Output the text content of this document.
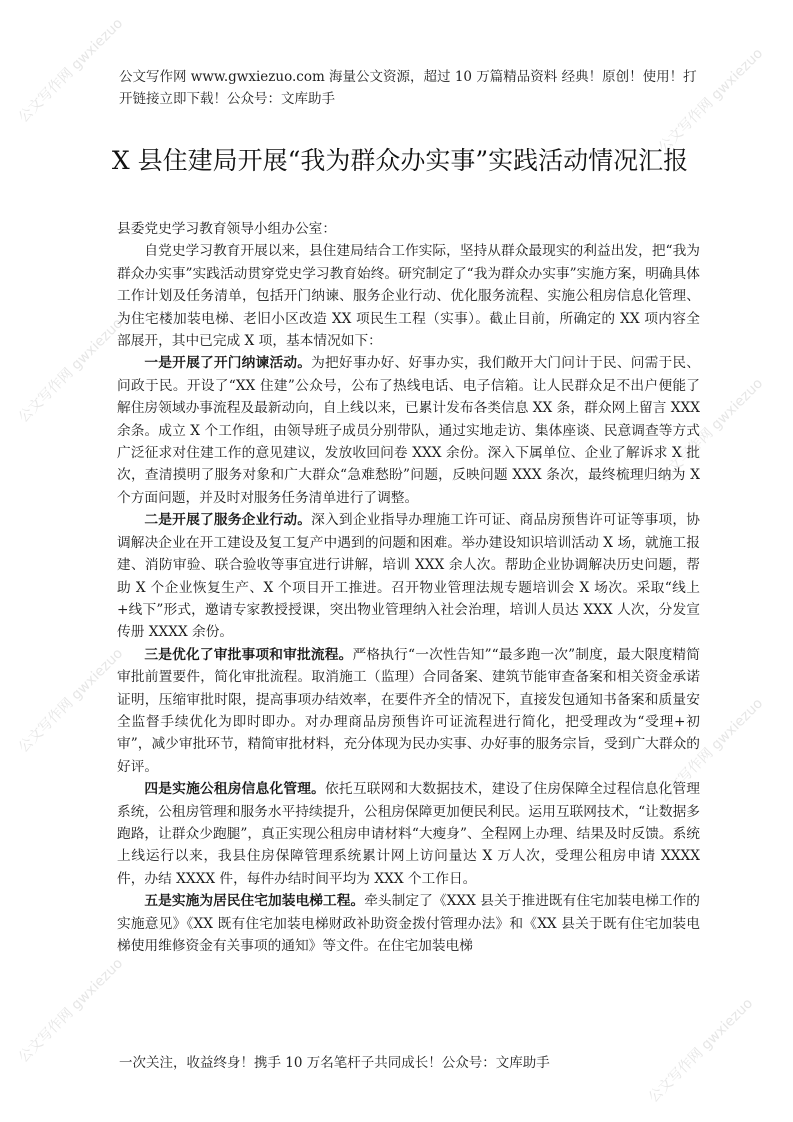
公文写作网 gwxiezuo	公文写作网 gwxiezuo
公文写作网 gwxiezuo
公文写作网 gwxiezuo
公文写作网 gwxiezuo	公文写作网 gwxiezuo
公文写作网 gwxiezuo	公文写作网 gwxiezuo
公文写作网 www.gwxiezuo.com 海量公文资源，超过 10 万篇精品资料 经典！原创！使用！打开链接立即下载！公众号：文库助手
X 县住建局开展“我为群众办实事”实践活动情况汇报

县委党史学习教育领导小组办公室：

自党史学习教育开展以来，县住建局结合工作实际，坚持从群众最现实的利益出发，把“我为群众办实事”实践活动贯穿党史学习教育始终。研究制定了“我为群众办实事”实施方案，明确具体工作计划及任务清单，包括开门纳谏、服务企业行动、优化服务流程、实施公租房信息化管理、为住宅楼加装电梯、老旧小区改造 XX 项民生工程（实事）。截止目前，所确定的 XX 项内容全部展开，其中已完成 X 项，基本情况如下：

一是开展了开门纳谏活动。为把好事办好、好事办实，我们敞开大门问计于民、问需于民、问政于民。开设了“XX 住建”公众号，公布了热线电话、电子信箱。让人民群众足不出户便能了解住房领域办事流程及最新动向，自上线以来，已累计发布各类信息 XX 条，群众网上留言 XXX 余条。成立 X 个工作组，由领导班子成员分别带队，通过实地走访、集体座谈、民意调查等方式广泛征求对住建工作的意见建议，发放收回问卷 XXX 余份。深入下属单位、企业了解诉求 X 批次，查清摸明了服务对象和广大群众“急难愁盼”问题，反映问题 XXX 条次，最终梳理归纳为 X 个方面问题，并及时对服务任务清单进行了调整。

二是开展了服务企业行动。深入到企业指导办理施工许可证、商品房预售许可证等事项，协调解决企业在开工建设及复工复产中遇到的问题和困难。举办建设知识培训活动 X 场，就施工报建、消防审验、联合验收等事宜进行讲解，培训 XXX 余人次。帮助企业协调解决历史问题，帮助 X 个企业恢复生产、X 个项目开工推进。召开物业管理法规专题培训会 X 场次。采取“线上+线下”形式，邀请专家教授授课，突出物业管理纳入社会治理，培训人员达 XXX 人次，分发宣传册 XXXX 余份。

三是优化了审批事项和审批流程。严格执行“一次性告知”“最多跑一次”制度，最大限度精简审批前置要件，简化审批流程。取消施工（监理）合同备案、建筑节能审查备案和相关资金承诺证明，压缩审批时限，提高事项办结效率，在要件齐全的情况下，直接发包通知书备案和质量安全监督手续优化为即时即办。对办理商品房预售许可证流程进行简化，把受理改为“受理+初审”，减少审批环节，精简审批材料，充分体现为民办实事、办好事的服务宗旨，受到广大群众的好评。

四是实施公租房信息化管理。依托互联网和大数据技术，建设了住房保障全过程信息化管理系统，公租房管理和服务水平持续提升，公租房保障更加便民利民。运用互联网技术，“让数据多跑路，让群众少跑腿”，真正实现公租房申请材料“大瘦身”、全程网上办理、结果及时反馈。系统上线运行以来，我县住房保障管理系统累计网上访问量达 X 万人次，受理公租房申请 XXXX 件，办结 XXXX 件，每件办结时间平均为 XXX 个工作日。

五是实施为居民住宅加装电梯工程。牵头制定了《XXX 县关于推进既有住宅加装电梯工作的实施意见》《XX 既有住宅加装电梯财政补助资金拨付管理办法》和《XX 县关于既有住宅加装电梯使用维修资金有关事项的通知》等文件。在住宅加装电梯

一次关注，收益终身！携手 10 万名笔杆子共同成长！公众号：文库助手
